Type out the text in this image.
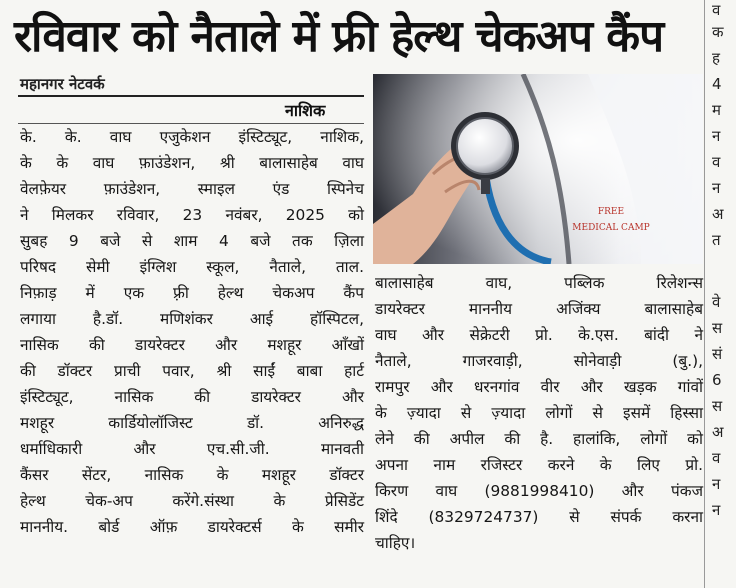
रविवार को नैताले में फ्री हेल्थ चेकअप कैंप
महानगर नेटवर्क
नाशिक
के. के. वाघ एजुकेशन इंस्टिट्यूट, नाशिक,
के के वाघ फ़ाउंडेशन, श्री बालासाहेब वाघ
वेलफ़ेयर फ़ाउंडेशन, स्माइल एंड स्पिनेच
ने मिलकर रविवार, 23 नवंबर, 2025 को
सुबह 9 बजे से शाम 4 बजे तक ज़िला
परिषद सेमी इंग्लिश स्कूल, नैताले, ताल.
निफ़ाड़ में एक फ़्री हेल्थ चेकअप कैंप
लगाया है.डॉ. मणिशंकर आई हॉस्पिटल,
नासिक की डायरेक्टर और मशहूर आँखों
की डॉक्टर प्राची पवार, श्री साईं बाबा हार्ट
इंस्टिट्यूट, नासिक की डायरेक्टर और
मशहूर कार्डियोलॉजिस्ट डॉ. अनिरुद्ध
धर्माधिकारी और एच.सी.जी. मानवती
कैंसर सेंटर, नासिक के मशहूर डॉक्टर
हेल्थ चेक-अप करेंगे.संस्था के प्रेसिडेंट
माननीय. बोर्ड ऑफ़ डायरेक्टर्स के समीर
FREE
MEDICAL CAMP
बालासाहेब वाघ, पब्लिक रिलेशन्स
डायरेक्टर माननीय अजिंक्य बालासाहेब
वाघ और सेक्रेटरी प्रो. के.एस. बांदी ने
नैताले, गाजरवाड़ी, सोनेवाड़ी (बु.),
रामपुर और धरनगांव वीर और खड़क गांवों
के ज़्यादा से ज़्यादा लोगों से इसमें हिस्सा
लेने की अपील की है. हालांकि, लोगों को
अपना नाम रजिस्टर करने के लिए प्रो.
किरण वाघ (9881998410) और पंकज
शिंदे (8329724737) से संपर्क करना
चाहिए।
व
क
ह
4
म
न
व
न
अ
त
वे
स
सं
6
स
अ
व
न
न
